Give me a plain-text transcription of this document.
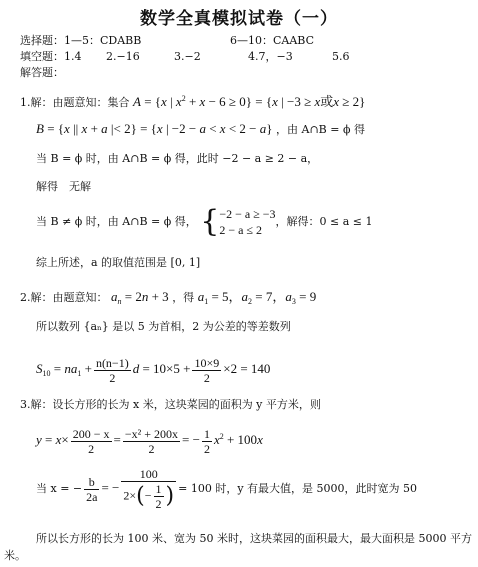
数学全真模拟试卷（一）
选择题：1—5：CDABB	6—10：CAABC
填空题：1.4 2.−16	3.−2	4.7，−3	5.6
解答题：
1.解：由题意知：集合 A = {x | $x^2 + x - 6 \ge 0\} = \{x$ | −3 ≥ x或x ≥ 2}
B = {x || x + a |< 2} = {x | −2 − a < x < 2 − a} ，由 A∩B = ϕ 得
当 B = ϕ 时，由 A∩B = ϕ 得，此时 −2 − a ≥ 2 − a，
解得　无解
当 B ≠ ϕ 时，由 A∩B = ϕ 得， { −2 − a ≥ −3
2 − a ≤ 2
，解得：0 ≤ a ≤ 1
综上所述，a 的取值范围是 [0, 1]
2.解：由题意知： $a_n = 2n + 3$ ，得 $a_1 = 5$，$a_2 = 7$，$a_3 = 9$
所以数列 {aₙ} 是以 5 为首相，2 为公差的等差数列
$S_{10} = na_1 + \frac{n(n-1)}{2}$ $d = 10\times 5 + \frac{10\times 9}{2} \times 2 = 140$
3.解：设长方形的长为 x 米，这块菜园的面积为 y 平方米，则
$y = x\times \frac{200 - x}{2} = \frac{\text{−x² + 200x}}{2}$ = − $\frac{1}{2} x^2 + 100x$
当 x = − $\frac{b}{2a}$ = − $\frac{100}{2\times(- \frac{1}{2} )} = 100$ 时，y 有最大值，是 5000，此时宽为 50
所以长方形的长为 100 米、宽为 50 米时，这块菜园的面积最大，最大面积是 5000 平方
米。
